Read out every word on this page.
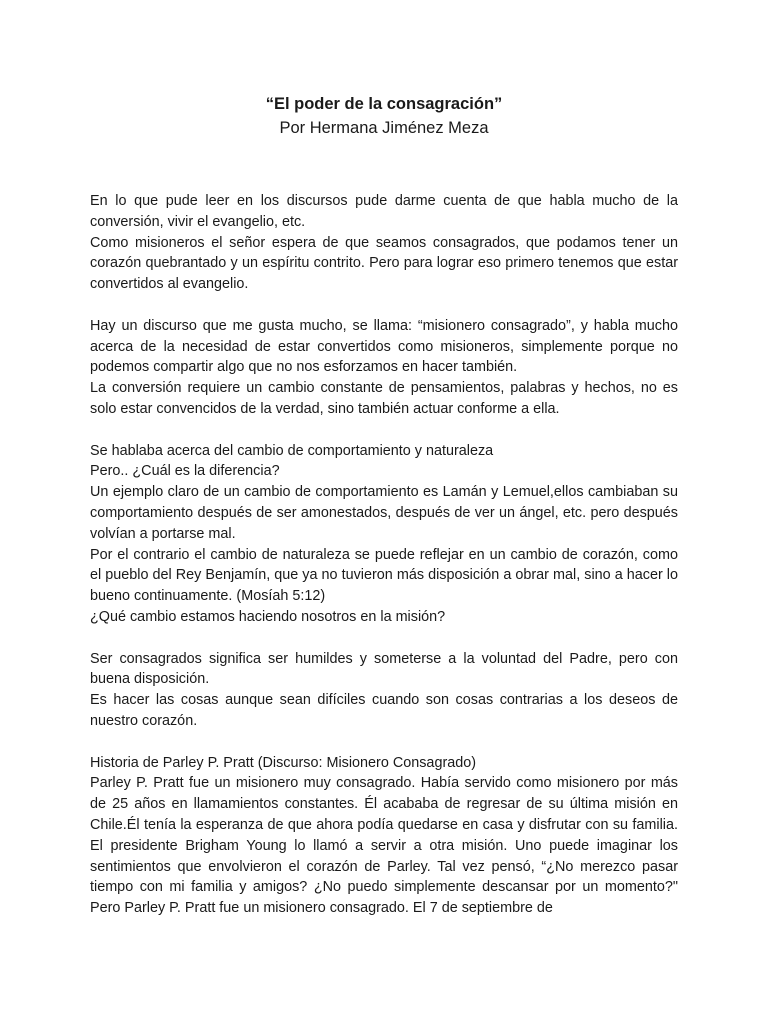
“El poder de la consagración”
Por Hermana Jiménez Meza
En lo que pude leer en los discursos pude darme cuenta de que habla mucho de la conversión, vivir el evangelio, etc.
Como misioneros el señor espera de que seamos consagrados, que podamos tener un corazón quebrantado y un espíritu contrito. Pero para lograr eso primero tenemos que estar convertidos al evangelio.
Hay un discurso que me gusta mucho, se llama: “misionero consagrado”, y habla mucho acerca de la necesidad de estar convertidos como misioneros, simplemente porque no podemos compartir algo que no nos esforzamos en hacer también.
La conversión requiere un cambio constante de pensamientos, palabras y hechos, no es solo estar convencidos de la verdad, sino también actuar conforme a ella.
Se hablaba acerca del cambio de comportamiento y naturaleza
Pero.. ¿Cuál es la diferencia?
Un ejemplo claro de un cambio de comportamiento es Lamán y Lemuel,ellos cambiaban su comportamiento después de ser amonestados, después de ver un ángel, etc. pero después volvían a portarse mal.
Por el contrario el cambio de naturaleza se puede reflejar en un cambio de corazón, como el pueblo del Rey Benjamín, que ya no tuvieron más disposición a obrar mal, sino a hacer lo bueno continuamente. (Mosíah 5:12)
¿Qué cambio estamos haciendo nosotros en la misión?
Ser consagrados significa ser humildes y someterse a la voluntad del Padre, pero con buena disposición.
Es hacer las cosas aunque sean difíciles cuando son cosas contrarias a los deseos de nuestro corazón.
Historia de Parley P. Pratt (Discurso: Misionero Consagrado)
Parley P. Pratt fue un misionero muy consagrado. Había servido como misionero por más de 25 años en llamamientos constantes. Él acababa de regresar de su última misión en Chile.Él tenía la esperanza de que ahora podía quedarse en casa y disfrutar con su familia. El presidente Brigham Young lo llamó a servir a otra misión. Uno puede imaginar los sentimientos que envolvieron el corazón de Parley. Tal vez pensó, “¿No merezco pasar tiempo con mi familia y amigos? ¿No puedo simplemente descansar por un momento?" Pero Parley P. Pratt fue un misionero consagrado. El 7 de septiembre de
